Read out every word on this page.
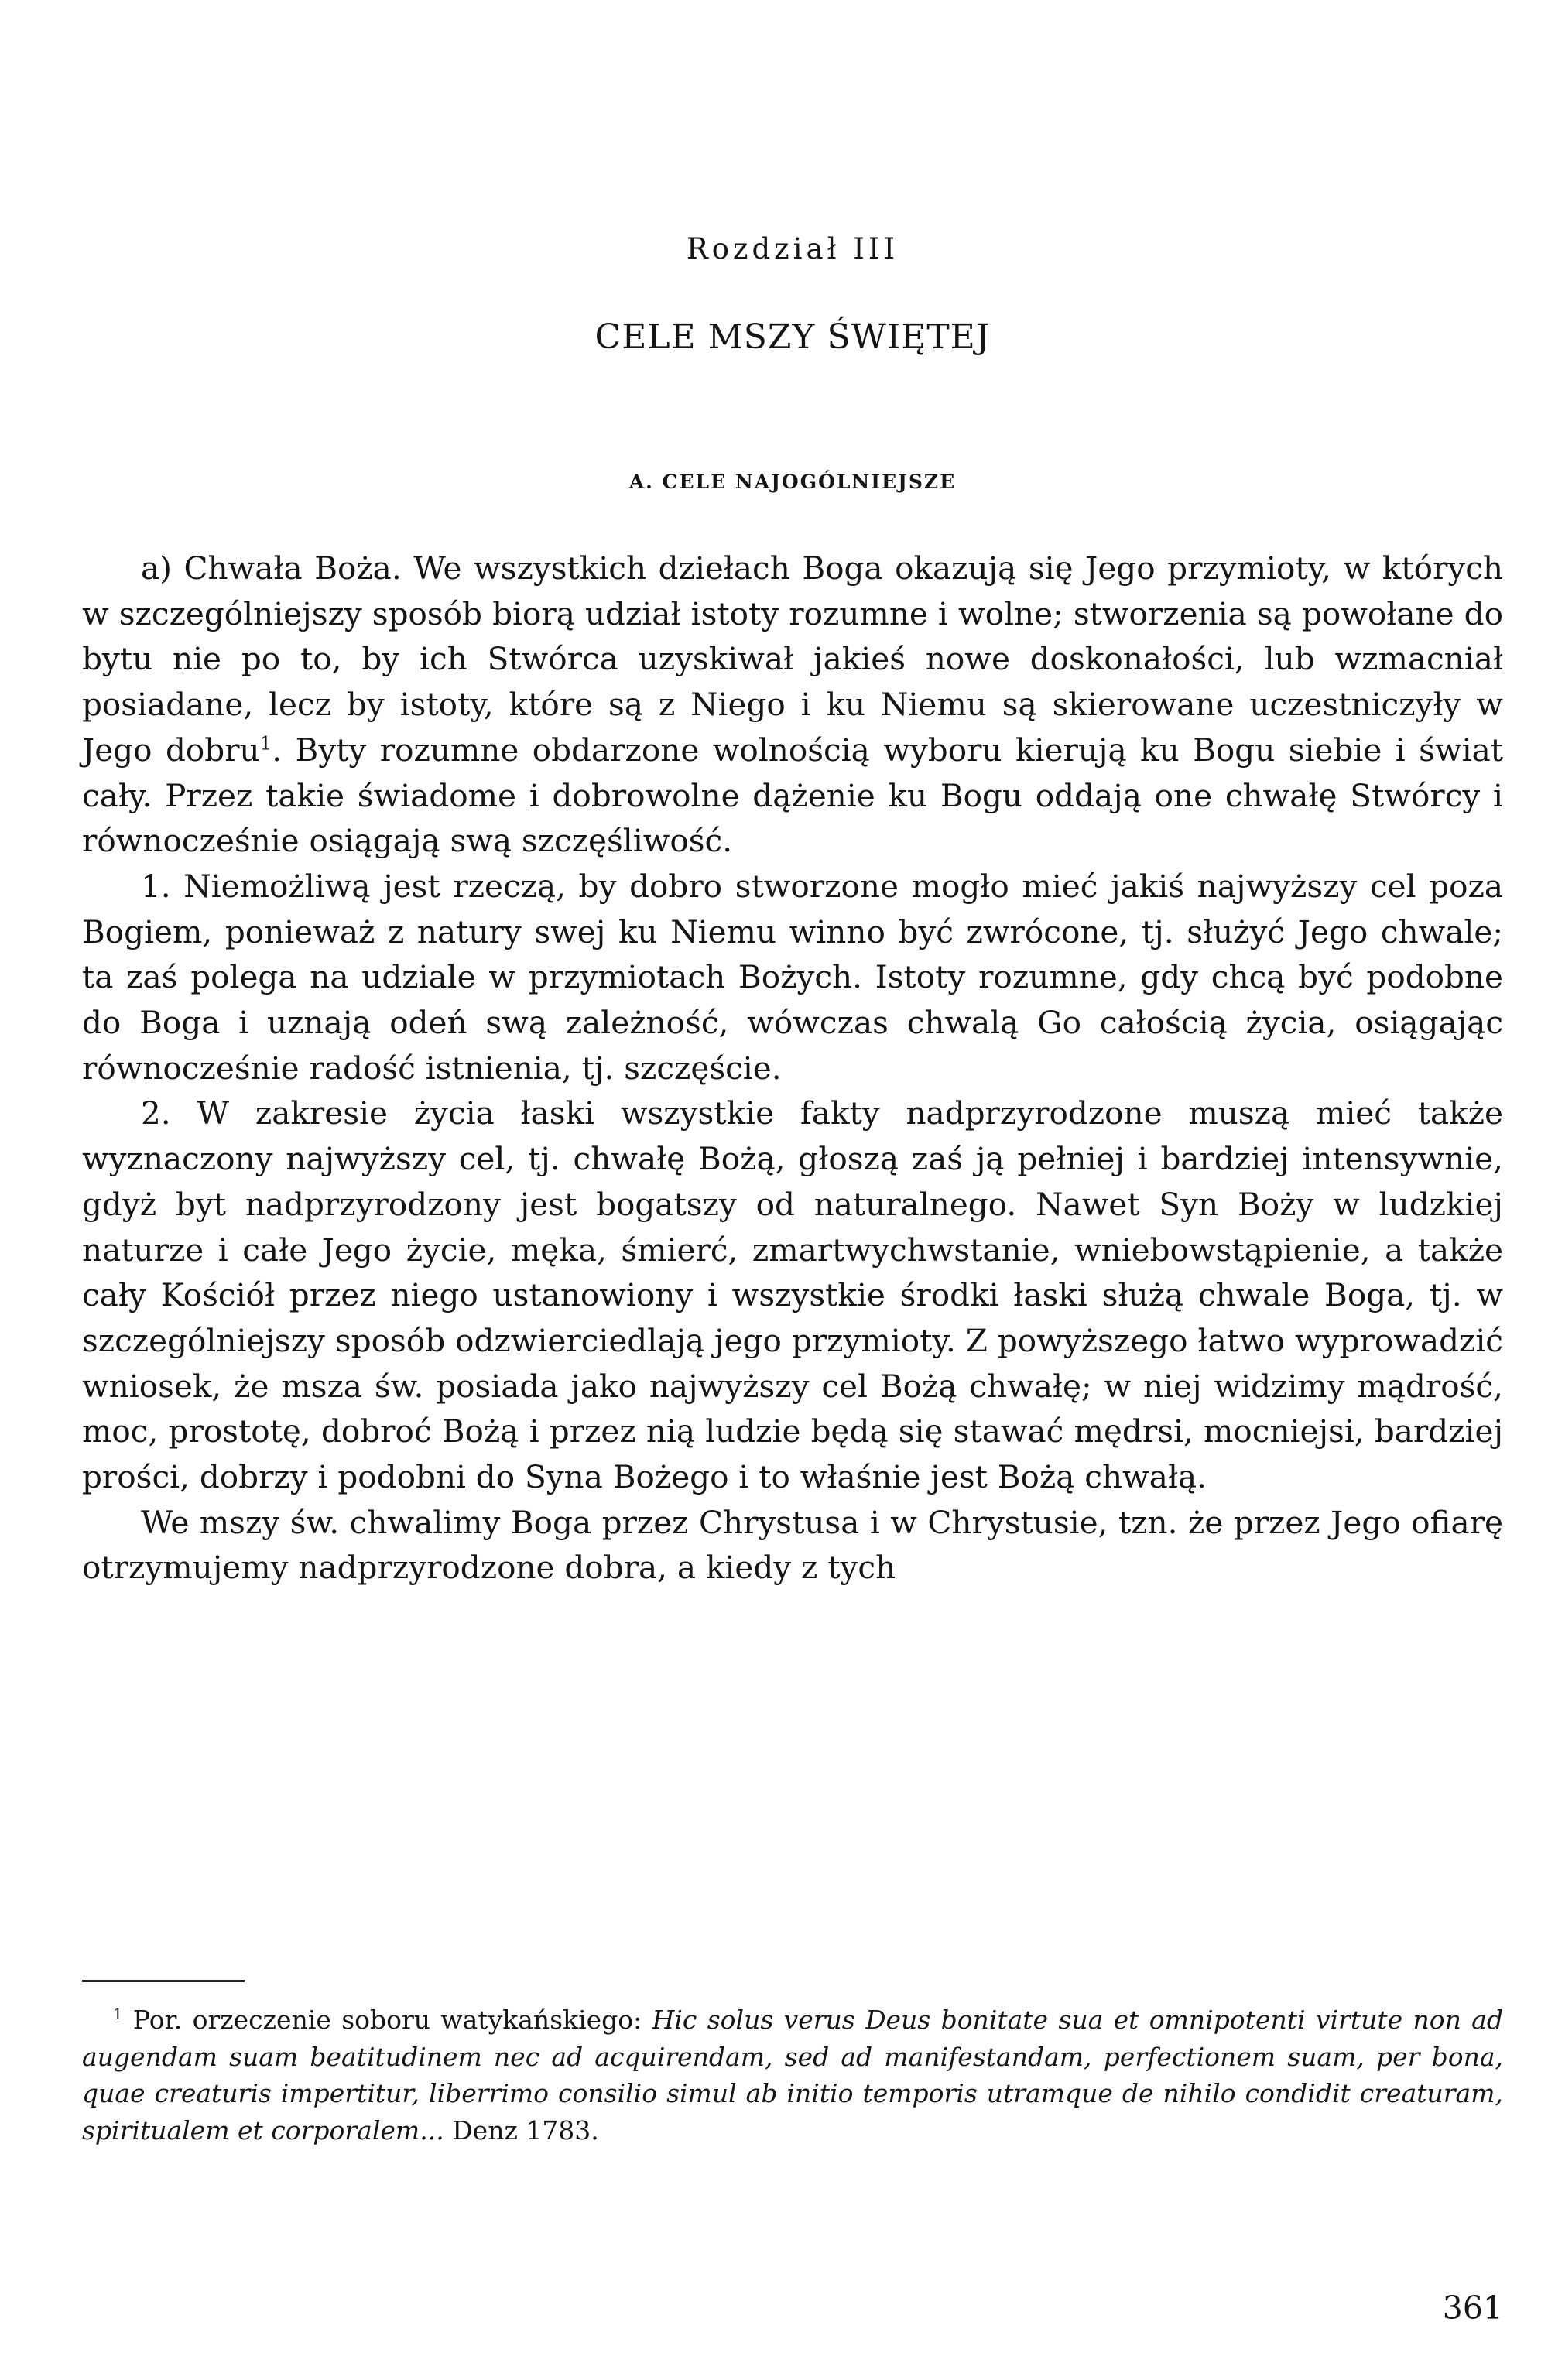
Rozdział III

CELE MSZY ŚWIĘTEJ
A. CELE NAJOGÓLNIEJSZE

a) Chwała Boża. We wszystkich dziełach Boga okazują się Jego przymioty, w których w szczególniejszy sposób biorą udział istoty rozumne i wolne; stworzenia są powołane do bytu nie po to, by ich Stwórca uzyskiwał jakieś nowe doskonałości, lub wzmacniał posiadane, lecz by istoty, które są z Niego i ku Niemu są skierowane uczestniczyły w Jego dobru$^1$. Byty rozumne obdarzone wolnością wyboru kierują ku Bogu siebie i świat cały. Przez takie świadome i dobrowolne dążenie ku Bogu oddają one chwałę Stwórcy i równocześnie osiągają swą szczęśliwość.

1. Niemożliwą jest rzeczą, by dobro stworzone mogło mieć jakiś najwyższy cel poza Bogiem, ponieważ z natury swej ku Niemu winno być zwrócone, tj. służyć Jego chwale; ta zaś polega na udziale w przymiotach Bożych. Istoty rozumne, gdy chcą być podobne do Boga i uznają odeń swą zależność, wówczas chwalą Go całością życia, osiągając równocześnie radość istnienia, tj. szczęście.

2. W zakresie życia łaski wszystkie fakty nadprzyrodzone muszą mieć także wyznaczony najwyższy cel, tj. chwałę Bożą, głoszą zaś ją pełniej i bardziej intensywnie, gdyż byt nadprzyrodzony jest bogatszy od naturalnego. Nawet Syn Boży w ludzkiej naturze i całe Jego życie, męka, śmierć, zmartwychwstanie, wniebowstąpienie, a także cały Kościół przez niego ustanowiony i wszystkie środki łaski służą chwale Boga, tj. w szczególniejszy sposób odzwierciedlają jego przymioty. Z powyższego łatwo wyprowadzić wniosek, że msza św. posiada jako najwyższy cel Bożą chwałę; w niej widzimy mądrość, moc, prostotę, dobroć Bożą i przez nią ludzie będą się stawać mędrsi, mocniejsi, bardziej prości, dobrzy i podobni do Syna Bożego i to właśnie jest Bożą chwałą.

We mszy św. chwalimy Boga przez Chrystusa i w Chrystusie, tzn. że przez Jego ofiarę otrzymujemy nadprzyrodzone dobra, a kiedy z tych

$^1$ Por. orzeczenie soboru watykańskiego: Hic solus verus Deus bonitate sua et omnipotenti virtute non ad augendam suam beatitudinem nec ad acquirendam, sed ad manifestandam, perfectionem suam, per bona, quae creaturis impertitur, liberrimo consilio simul ab initio temporis utramque de nihilo condidit creaturam, spiritualem et corporalem... Denz 1783.

361
